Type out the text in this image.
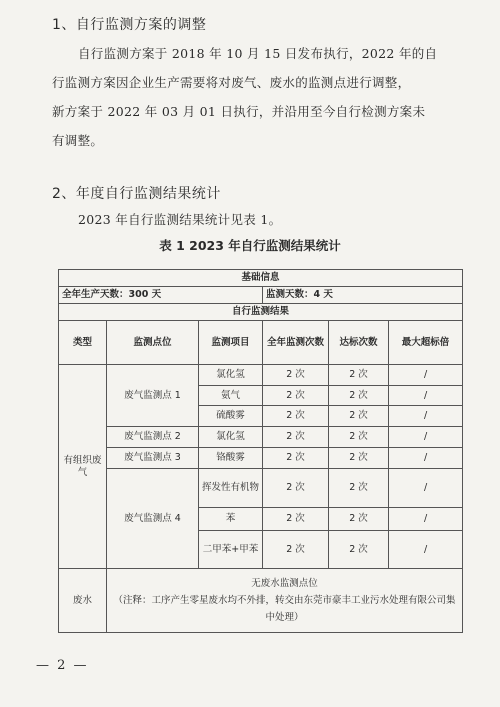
1、自行监测方案的调整
自行监测方案于 2018 年 10 月 15 日发布执行，2022 年的自
行监测方案因企业生产需要将对废气、废水的监测点进行调整，
新方案于 2022 年 03 月 01 日执行，并沿用至今自行检测方案未
有调整。
2、年度自行监测结果统计
2023 年自行监测结果统计见表 1。
表 1 2023 年自行监测结果统计
基础信息					
全年生产天数：300 天			监测天数：4 天		
自行监测结果					
类型	监测点位	监测项目	全年监测次数	达标次数	最大超标倍
有组织废气	废气监测点 1	氯化氢	2 次	2 次	/
		氨气	2 次	2 次	/
		硫酸雾	2 次	2 次	/
	废气监测点 2	氯化氢	2 次	2 次	/
	废气监测点 3	铬酸雾	2 次	2 次	/
	废气监测点 4	挥发性有机物	2 次	2 次	/
		苯	2 次	2 次	/
		二甲苯+甲苯	2 次	2 次	/
废水	无废水监测点位
（注释：工序产生零星废水均不外排，转交由东莞市豪丰工业污水处理有限公司集中处理）				
— 2 —
